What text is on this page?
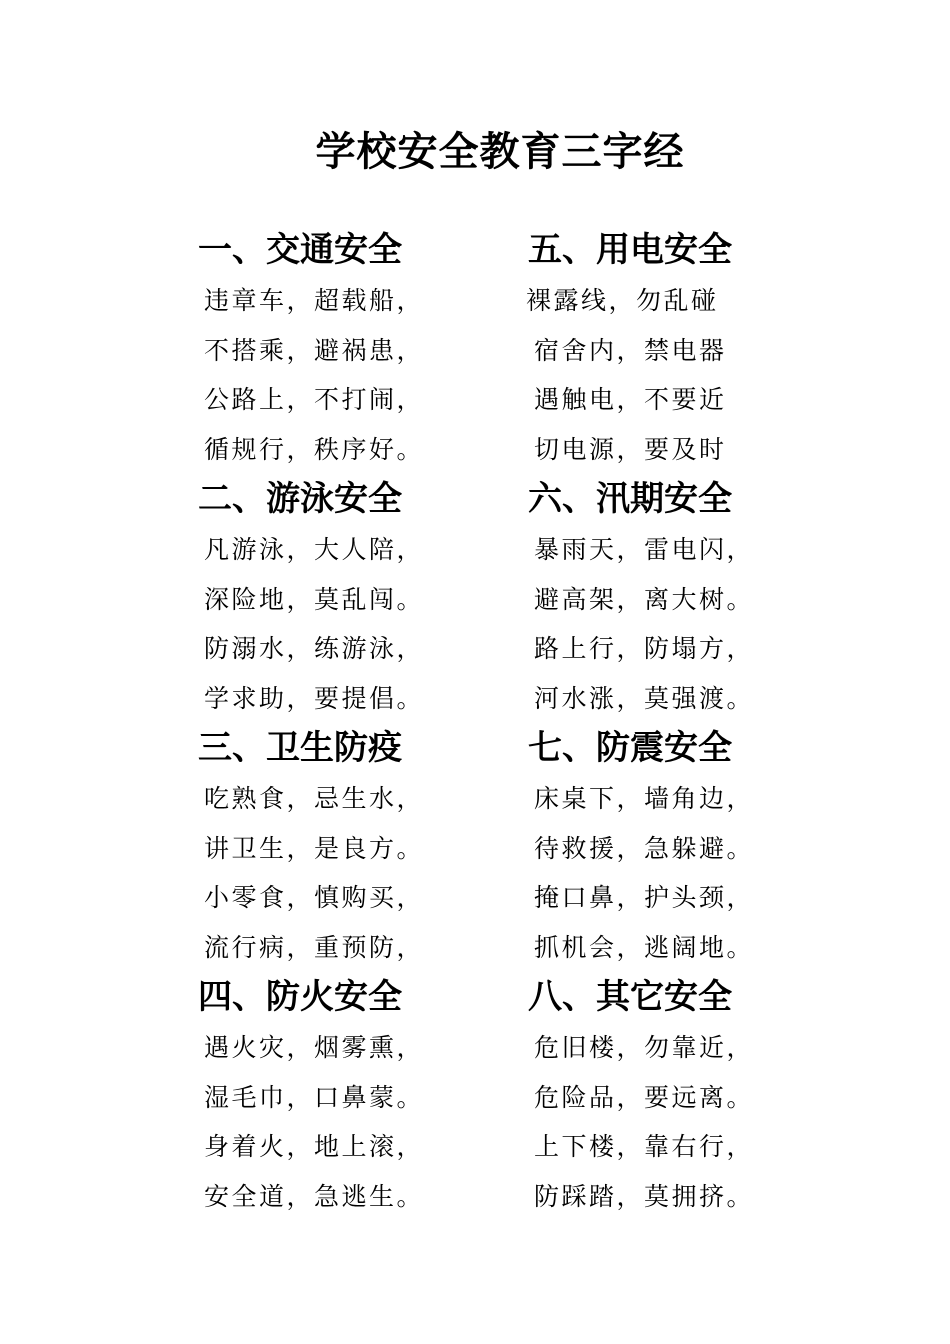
学校安全教育三字经
一、交通安全
违章车，超载船，
不搭乘，避祸患，
公路上，不打闹，
循规行，秩序好。
二、游泳安全
凡游泳，大人陪，
深险地，莫乱闯。
防溺水，练游泳，
学求助，要提倡。
三、卫生防疫
吃熟食，忌生水，
讲卫生，是良方。
小零食，慎购买，
流行病，重预防，
四、防火安全
遇火灾，烟雾熏，
湿毛巾，口鼻蒙。
身着火，地上滚，
安全道，急逃生。
五、用电安全
裸露线，勿乱碰
宿舍内，禁电器
遇触电，不要近
切电源，要及时
六、汛期安全
暴雨天，雷电闪，
避高架，离大树。
路上行，防塌方，
河水涨，莫强渡。
七、防震安全
床桌下，墙角边，
待救援，急躲避。
掩口鼻，护头颈，
抓机会，逃阔地。
八、其它安全
危旧楼，勿靠近，
危险品，要远离。
上下楼，靠右行，
防踩踏，莫拥挤。
